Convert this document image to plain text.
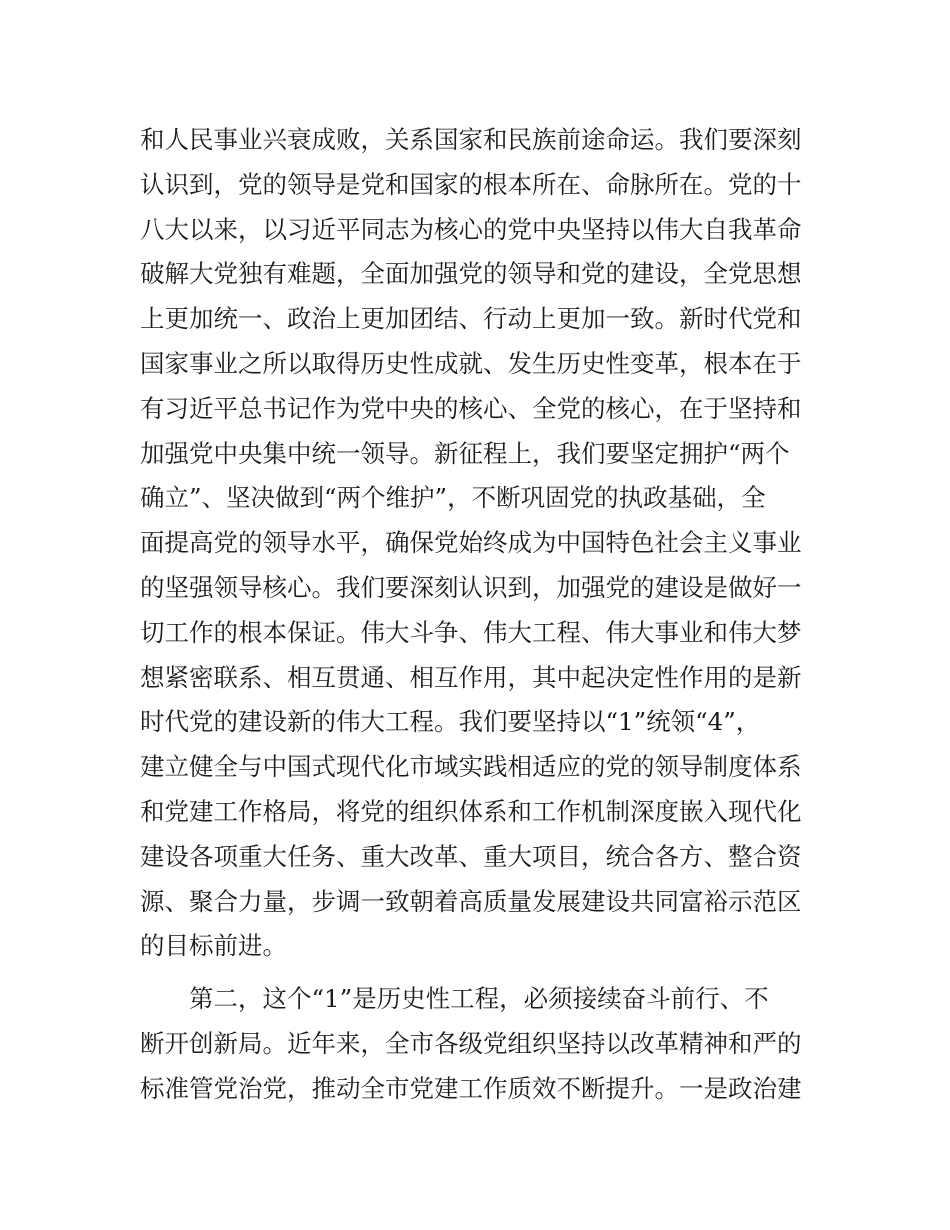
和人民事业兴衰成败，关系国家和民族前途命运。我们要深刻
认识到，党的领导是党和国家的根本所在、命脉所在。党的十
八大以来，以习近平同志为核心的党中央坚持以伟大自我革命
破解大党独有难题，全面加强党的领导和党的建设，全党思想
上更加统一、政治上更加团结、行动上更加一致。新时代党和
国家事业之所以取得历史性成就、发生历史性变革，根本在于
有习近平总书记作为党中央的核心、全党的核心，在于坚持和
加强党中央集中统一领导。新征程上，我们要坚定拥护“两个
确立”、坚决做到“两个维护”，不断巩固党的执政基础，全
面提高党的领导水平，确保党始终成为中国特色社会主义事业
的坚强领导核心。我们要深刻认识到，加强党的建设是做好一
切工作的根本保证。伟大斗争、伟大工程、伟大事业和伟大梦
想紧密联系、相互贯通、相互作用，其中起决定性作用的是新
时代党的建设新的伟大工程。我们要坚持以“1”统领“4”，
建立健全与中国式现代化市域实践相适应的党的领导制度体系
和党建工作格局，将党的组织体系和工作机制深度嵌入现代化
建设各项重大任务、重大改革、重大项目，统合各方、整合资
源、聚合力量，步调一致朝着高质量发展建设共同富裕示范区
的目标前进。
　　第二，这个“1”是历史性工程，必须接续奋斗前行、不
断开创新局。近年来，全市各级党组织坚持以改革精神和严的
标准管党治党，推动全市党建工作质效不断提升。一是政治建
